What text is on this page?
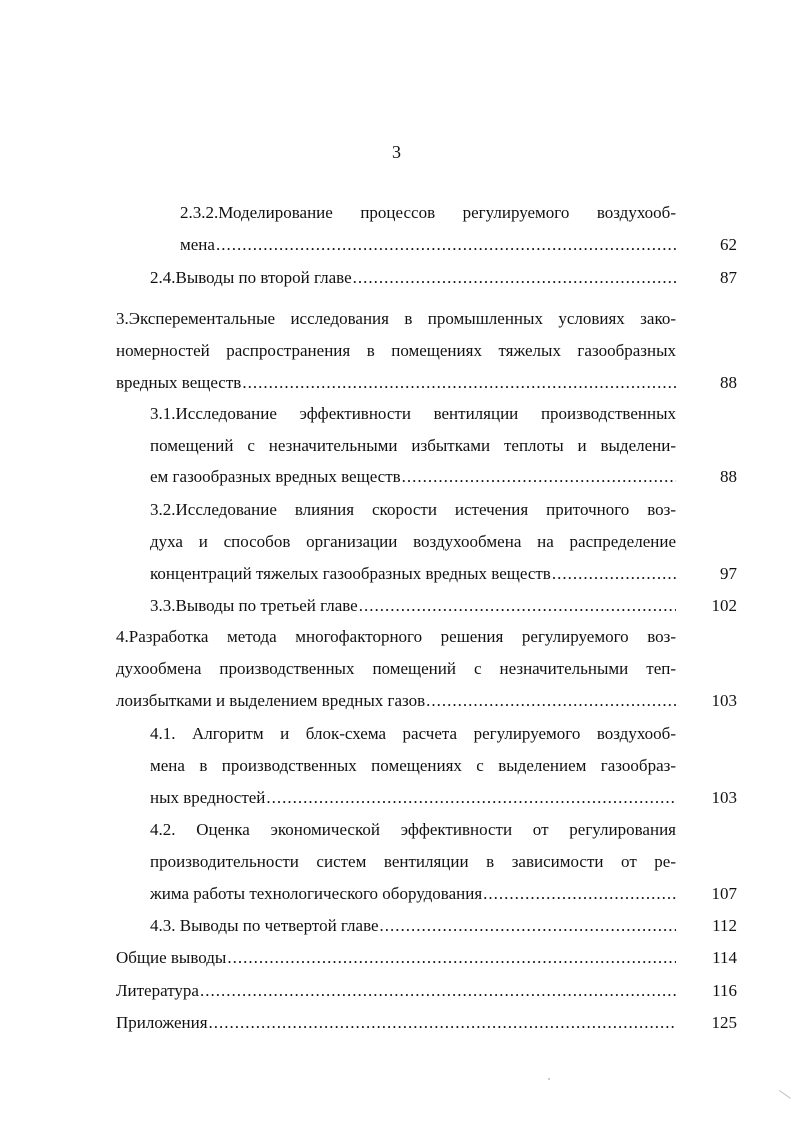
3
2.3.2.Моделирование процессов регулируемого воздухооб-
62
мена
.....
87
2.4.Выводы по второй главе
.....
3.Эксперементальные исследования в промышленных условиях зако-
номерностей распространения в помещениях тяжелых газообразных
88
вредных веществ
.....
3.1.Исследование эффективности вентиляции производственных
помещений с незначительными избытками теплоты и выделени-
88
ем газообразных вредных веществ
.....
3.2.Исследование влияния скорости истечения приточного воз-
духа и способов организации воздухообмена на распределение
97
концентраций тяжелых газообразных вредных веществ
.....
102
3.3.Выводы по третьей главе
.....
4.Разработка метода многофакторного решения регулируемого воз-
духообмена производственных помещений с незначительными теп-
103
лоизбытками и выделением вредных газов
.....
4.1. Алгоритм и блок-схема расчета регулируемого воздухооб-
мена в производственных помещениях с выделением газообраз-
103
ных вредностей
.....
4.2. Оценка экономической эффективности от регулирования
производительности систем вентиляции в зависимости от ре-
107
жима работы технологического оборудования
.....
112
4.3. Выводы по четвертой главе
.....
114
Общие выводы
.....
116
Литература
.....
125
Приложения
.....
